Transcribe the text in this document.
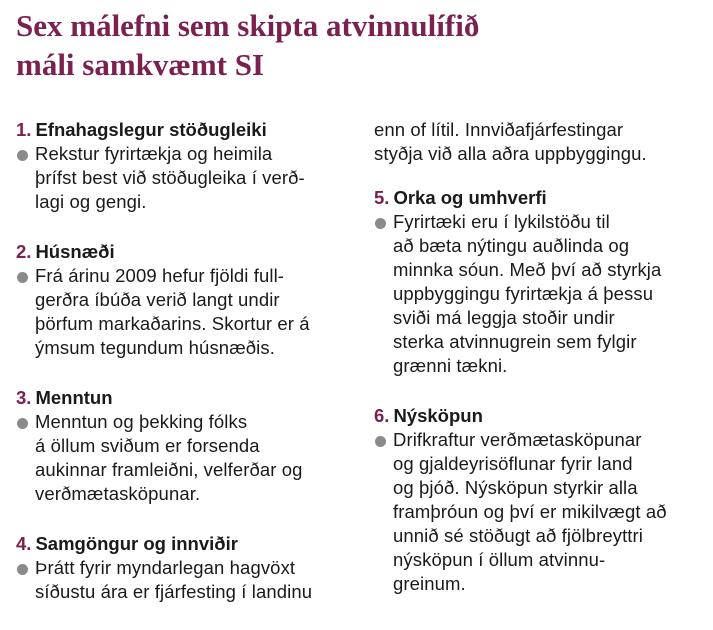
Sex málefni sem skipta atvinnulífið
máli samkvæmt SI
1. Efnahagslegur stöðugleiki
Rekstur fyrirtækja og heimila
þrífst best við stöðugleika í verð-
lagi og gengi.
2. Húsnæði
Frá árinu 2009 hefur fjöldi full-
gerðra íbúða verið langt undir
þörfum markaðarins. Skortur er á
ýmsum tegundum húsnæðis.
3. Menntun
Menntun og þekking fólks
á öllum sviðum er forsenda
aukinnar framleiðni, velferðar og
verðmætasköpunar.
4. Samgöngur og innviðir
Þrátt fyrir myndarlegan hagvöxt
síðustu ára er fjárfesting í landinu
enn of lítil. Innviðafjárfestingar
styðja við alla aðra uppbyggingu.
5. Orka og umhverfi
Fyrirtæki eru í lykilstöðu til
að bæta nýtingu auðlinda og
minnka sóun. Með því að styrkja
uppbyggingu fyrirtækja á þessu
sviði má leggja stoðir undir
sterka atvinnugrein sem fylgir
grænni tækni.
6. Nýsköpun
Drifkraftur verðmætasköpunar
og gjaldeyrisöflunar fyrir land
og þjóð. Nýsköpun styrkir alla
framþróun og því er mikilvægt að
unnið sé stöðugt að fjölbreyttri
nýsköpun í öllum atvinnu-
greinum.
